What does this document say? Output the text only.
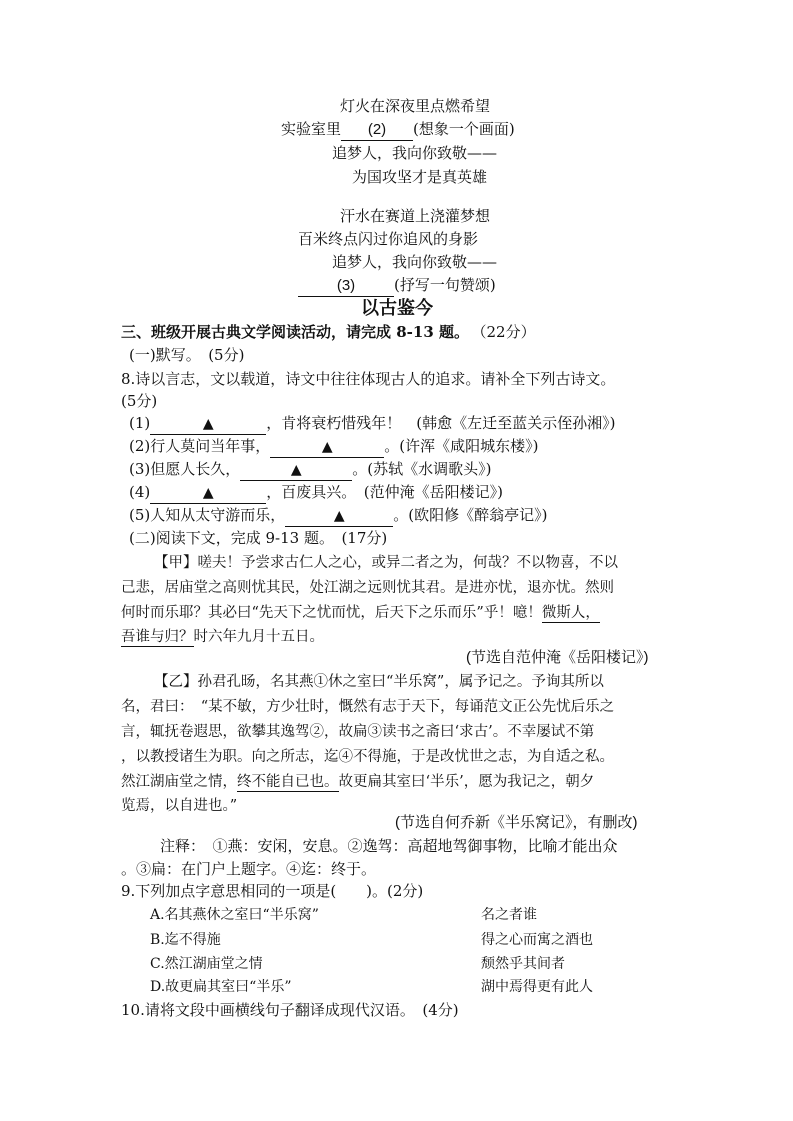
灯火在深夜里点燃希望
实验室里 (2) (想象一个画面)
追梦人，我向你致敬——
为国攻坚才是真英雄
汗水在赛道上浇灌梦想
百米终点闪过你追风的身影
追梦人，我向你致敬——
(3)	(抒写一句赞颂)
以古鉴今
三、班级开展古典文学阅读活动，请完成 8-13 题。 （22分）
(一)默写。　(5分)
8.诗以言志，文以载道，诗文中往往体现古人的追求。请补全下列古诗文。
(5分)
(1)	▲	，肯将衰朽惜残年！　(韩愈《左迁至蓝关示侄孙湘》)
(2)行人莫问当年事，	▲	。(许浑《咸阳城东楼》)
(3)但愿人长久，	▲	。(苏轼《水调歌头》)
(4)	▲	，百废具兴。　(范仲淹《岳阳楼记》)
(5)人知从太守游而乐，	▲	。(欧阳修《醉翁亭记》)
(二)阅读下文，完成 9-13 题。　(17分)
【甲】嗟夫！予尝求古仁人之心，或异二者之为，何哉？不以物喜，不以
己悲，居庙堂之高则忧其民，处江湖之远则忧其君。是进亦忧，退亦忧。然则
何时而乐耶？其必曰“先天下之忧而忧，后天下之乐而乐”乎！噫！微斯人，
吾谁与归？时六年九月十五日。
(节选自范仲淹《岳阳楼记》)
【乙】孙君孔旸，名其燕①休之室曰“半乐窝”，属予记之。予询其所以
名，君曰：　“某不敏，方少壮时，慨然有志于天下，每诵范文正公先忧后乐之
言，辄抚卷遐思，欲攀其逸驾②，故扁③读书之斋曰‘求古’。不幸屡试不第
，以教授诸生为职。向之所志，迄④不得施，于是改忧世之志，为自适之私。
然江湖庙堂之情，终不能自已也。故更扁其室曰‘半乐’，愿为我记之，朝夕
览焉，以自进也。”
(节选自何乔新《半乐窝记》，有删改)
注释：　①燕：安闲，安息。②逸驾：高超地驾御事物，比喻才能出众
。③扁：在门户上题字。④迄：终于。
9.下列加点字意思相同的一项是(　　)。(2分)
A.名其燕休之室曰“半乐窝”	名之者谁
B.迄不得施	得之心而寓之酒也
C.然江湖庙堂之情	颓然乎其间者
D.故更扁其室曰“半乐”	湖中焉得更有此人
10.请将文段中画横线句子翻译成现代汉语。　(4分)
